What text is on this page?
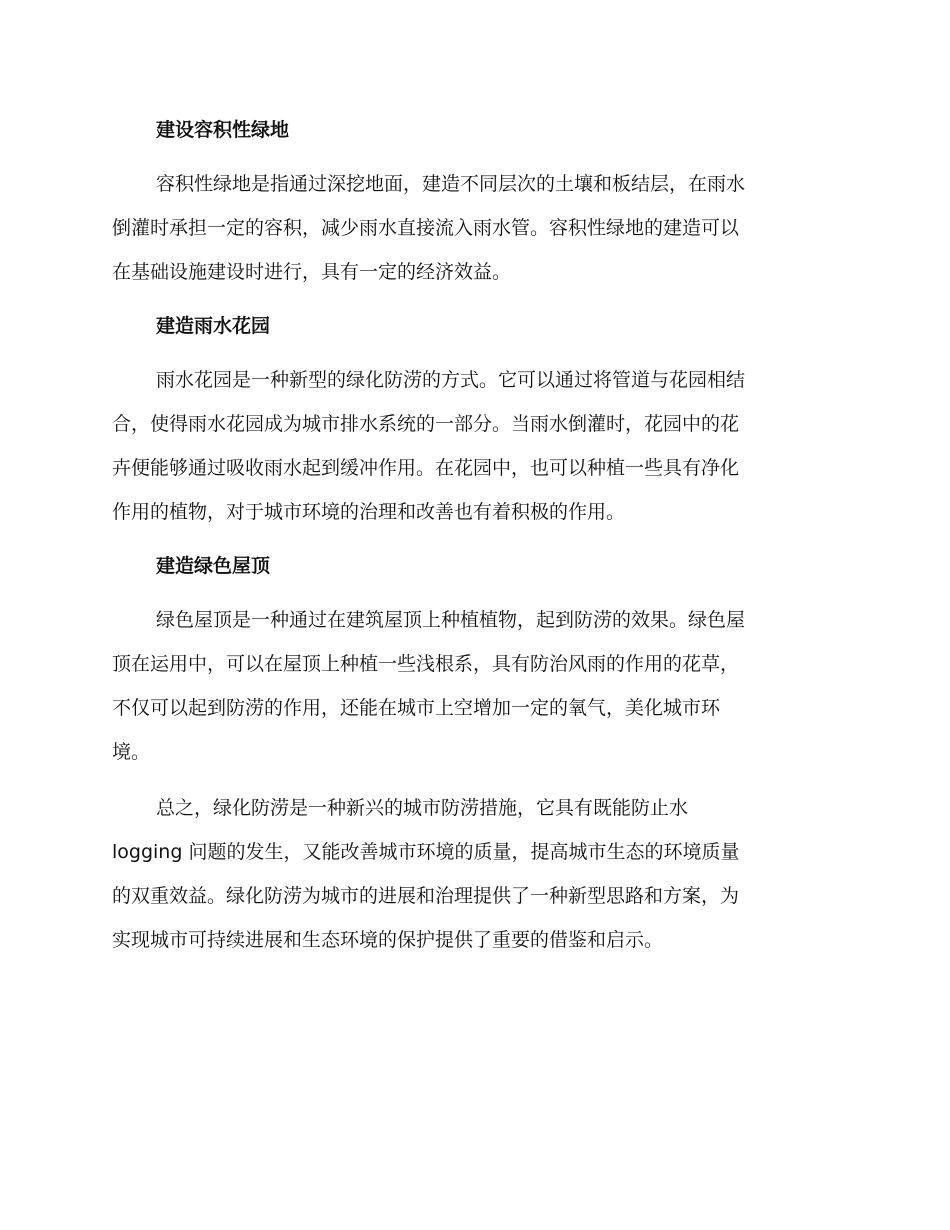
建设容积性绿地
容积性绿地是指通过深挖地面，建造不同层次的土壤和板结层，在雨水
倒灌时承担一定的容积，减少雨水直接流入雨水管。容积性绿地的建造可以
在基础设施建设时进行，具有一定的经济效益。
建造雨水花园
雨水花园是一种新型的绿化防涝的方式。它可以通过将管道与花园相结
合，使得雨水花园成为城市排水系统的一部分。当雨水倒灌时，花园中的花
卉便能够通过吸收雨水起到缓冲作用。在花园中，也可以种植一些具有净化
作用的植物，对于城市环境的治理和改善也有着积极的作用。
建造绿色屋顶
绿色屋顶是一种通过在建筑屋顶上种植植物，起到防涝的效果。绿色屋
顶在运用中，可以在屋顶上种植一些浅根系，具有防治风雨的作用的花草，
不仅可以起到防涝的作用，还能在城市上空增加一定的氧气，美化城市环
境。
总之，绿化防涝是一种新兴的城市防涝措施，它具有既能防止水
logging 问题的发生，又能改善城市环境的质量，提高城市生态的环境质量
的双重效益。绿化防涝为城市的进展和治理提供了一种新型思路和方案，为
实现城市可持续进展和生态环境的保护提供了重要的借鉴和启示。
